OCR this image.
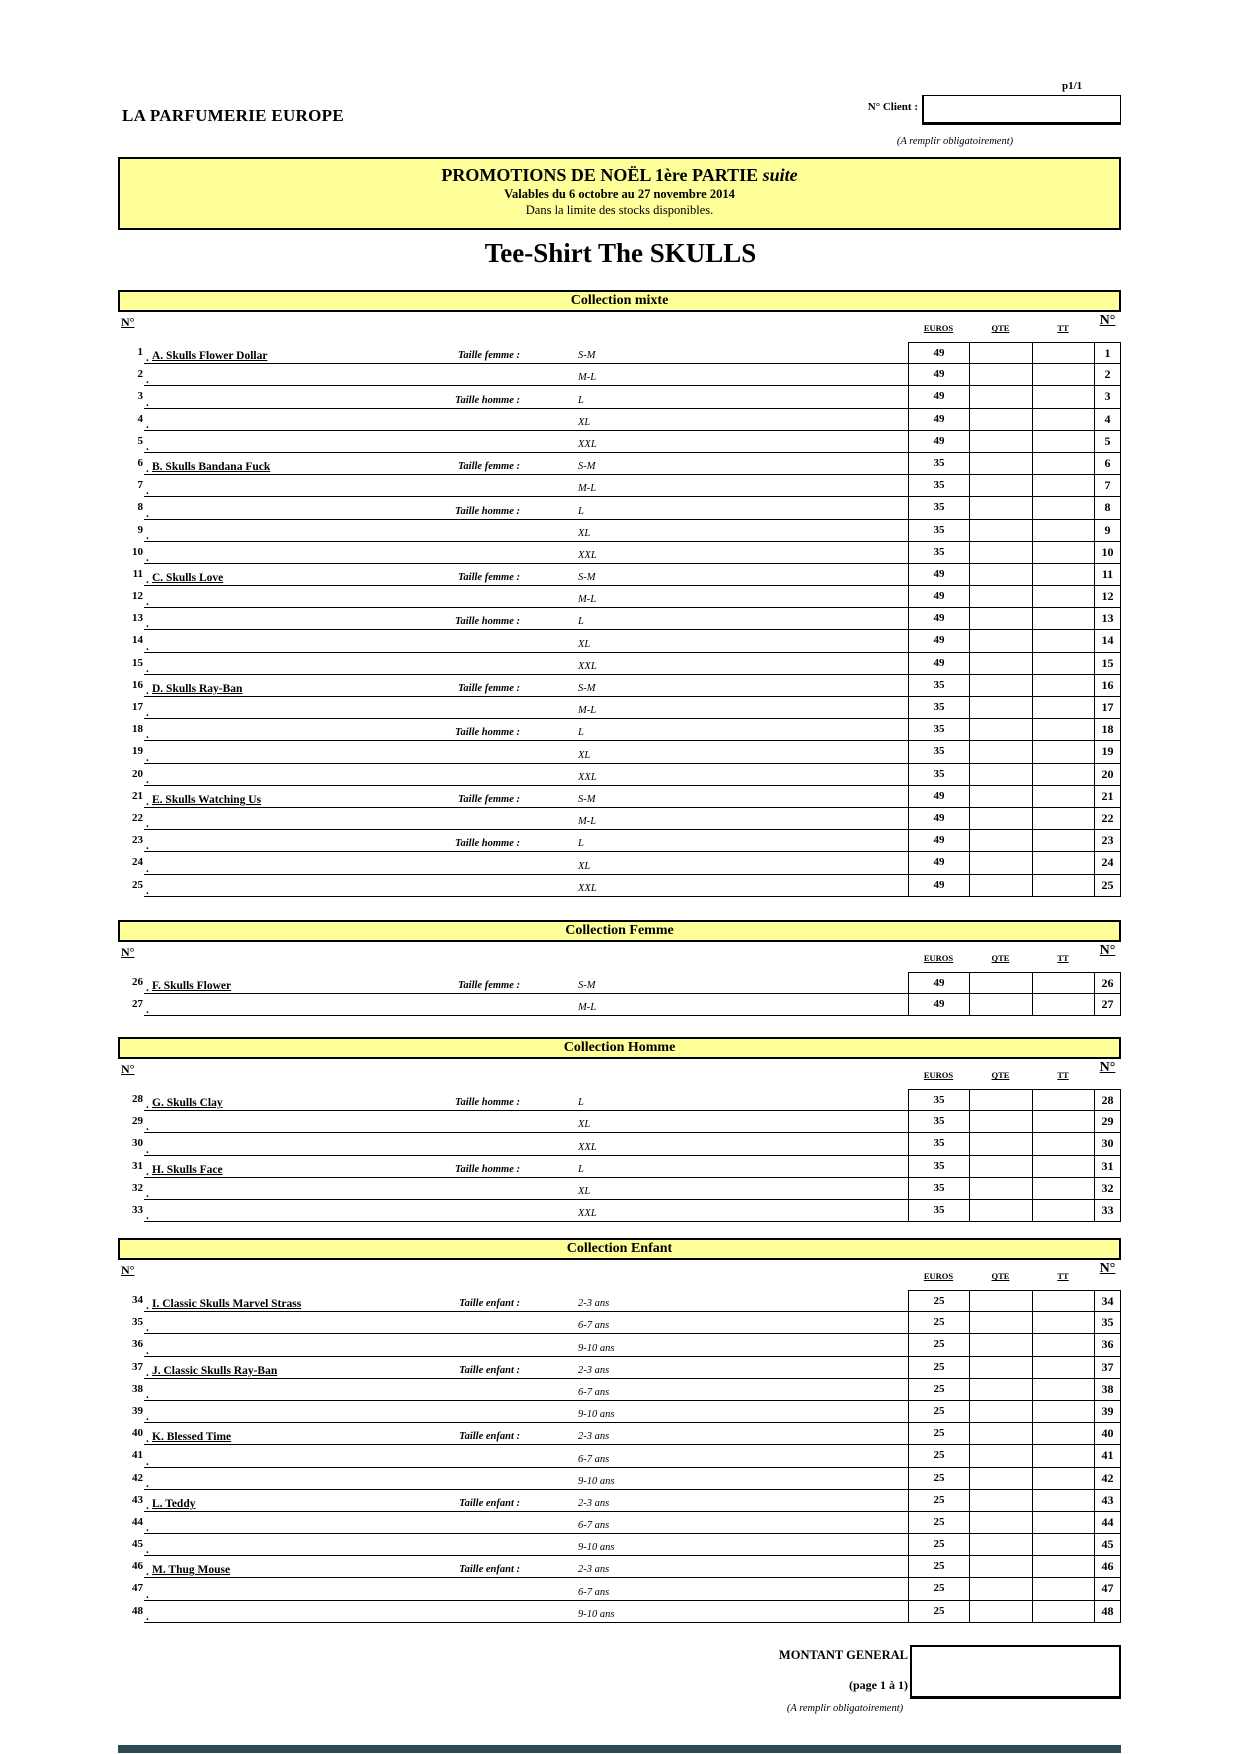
p1/1
LA PARFUMERIE EUROPE	N° Client :
(A remplir obligatoirement)
PROMOTIONS DE NOËL 1ère PARTIE suite
Valables du 6 octobre au 27 novembre 2014
Dans la limite des stocks disponibles.
Tee-Shirt The SKULLS
Collection mixte
N°	EUROS	QTE	TT	N°
1
. A. Skulls Flower Dollar	Taille femme :	S-M	49	1
2
.	M-L	49	2
3
.	Taille homme :	L	49	3
4
.	XL	49	4
5
.	XXL	49	5
6
. B. Skulls Bandana Fuck	Taille femme :	S-M	35	6
7
.	M-L	35	7
8
.	Taille homme :	L	35	8
9
.	XL	35	9
10
.	XXL	35	10
11
. C. Skulls Love	Taille femme :	S-M	49	11
12
.	M-L	49	12
13
.	Taille homme :	L	49	13
14
.	XL	49	14
15
.	XXL	49	15
16
. D. Skulls Ray-Ban	Taille femme :	S-M	35	16
17
.	M-L	35	17
18
.	Taille homme :	L	35	18
19
.	XL	35	19
20
.	XXL	35	20
21
. E. Skulls Watching Us	Taille femme :	S-M	49	21
22
.	M-L	49	22
23
.	Taille homme :	L	49	23
24
.	XL	49	24
25
.	XXL	49	25
Collection Femme
N°	EUROS	QTE	TT	N°
26
. F. Skulls Flower	Taille femme :	S-M	49	26
27
.	M-L	49	27
Collection Homme
N°	EUROS	QTE	TT	N°
28
. G. Skulls Clay	Taille homme :	L	35	28
29
.	XL	35	29
30
.	XXL	35	30
31
. H. Skulls Face	Taille homme :	L	35	31
32
.	XL	35	32
33
.	XXL	35	33
Collection Enfant
N°	EUROS	QTE	TT	N°
34
. I. Classic Skulls Marvel Strass	Taille enfant :	2-3 ans	25	34
35
.	6-7 ans	25	35
36
.	9-10 ans	25	36
37
. J. Classic Skulls Ray-Ban	Taille enfant :	2-3 ans	25	37
38
.	6-7 ans	25	38
39
.	9-10 ans	25	39
40
. K. Blessed Time	Taille enfant :	2-3 ans	25	40
41
.	6-7 ans	25	41
42
.	9-10 ans	25	42
43
. L. Teddy	Taille enfant :	2-3 ans	25	43
44
.	6-7 ans	25	44
45
.	9-10 ans	25	45
46
. M. Thug Mouse	Taille enfant :	2-3 ans	25	46
47
.	6-7 ans	25	47
48
.	9-10 ans	25	48
MONTANT GENERAL
(page 1 à 1)
(A remplir obligatoirement)
